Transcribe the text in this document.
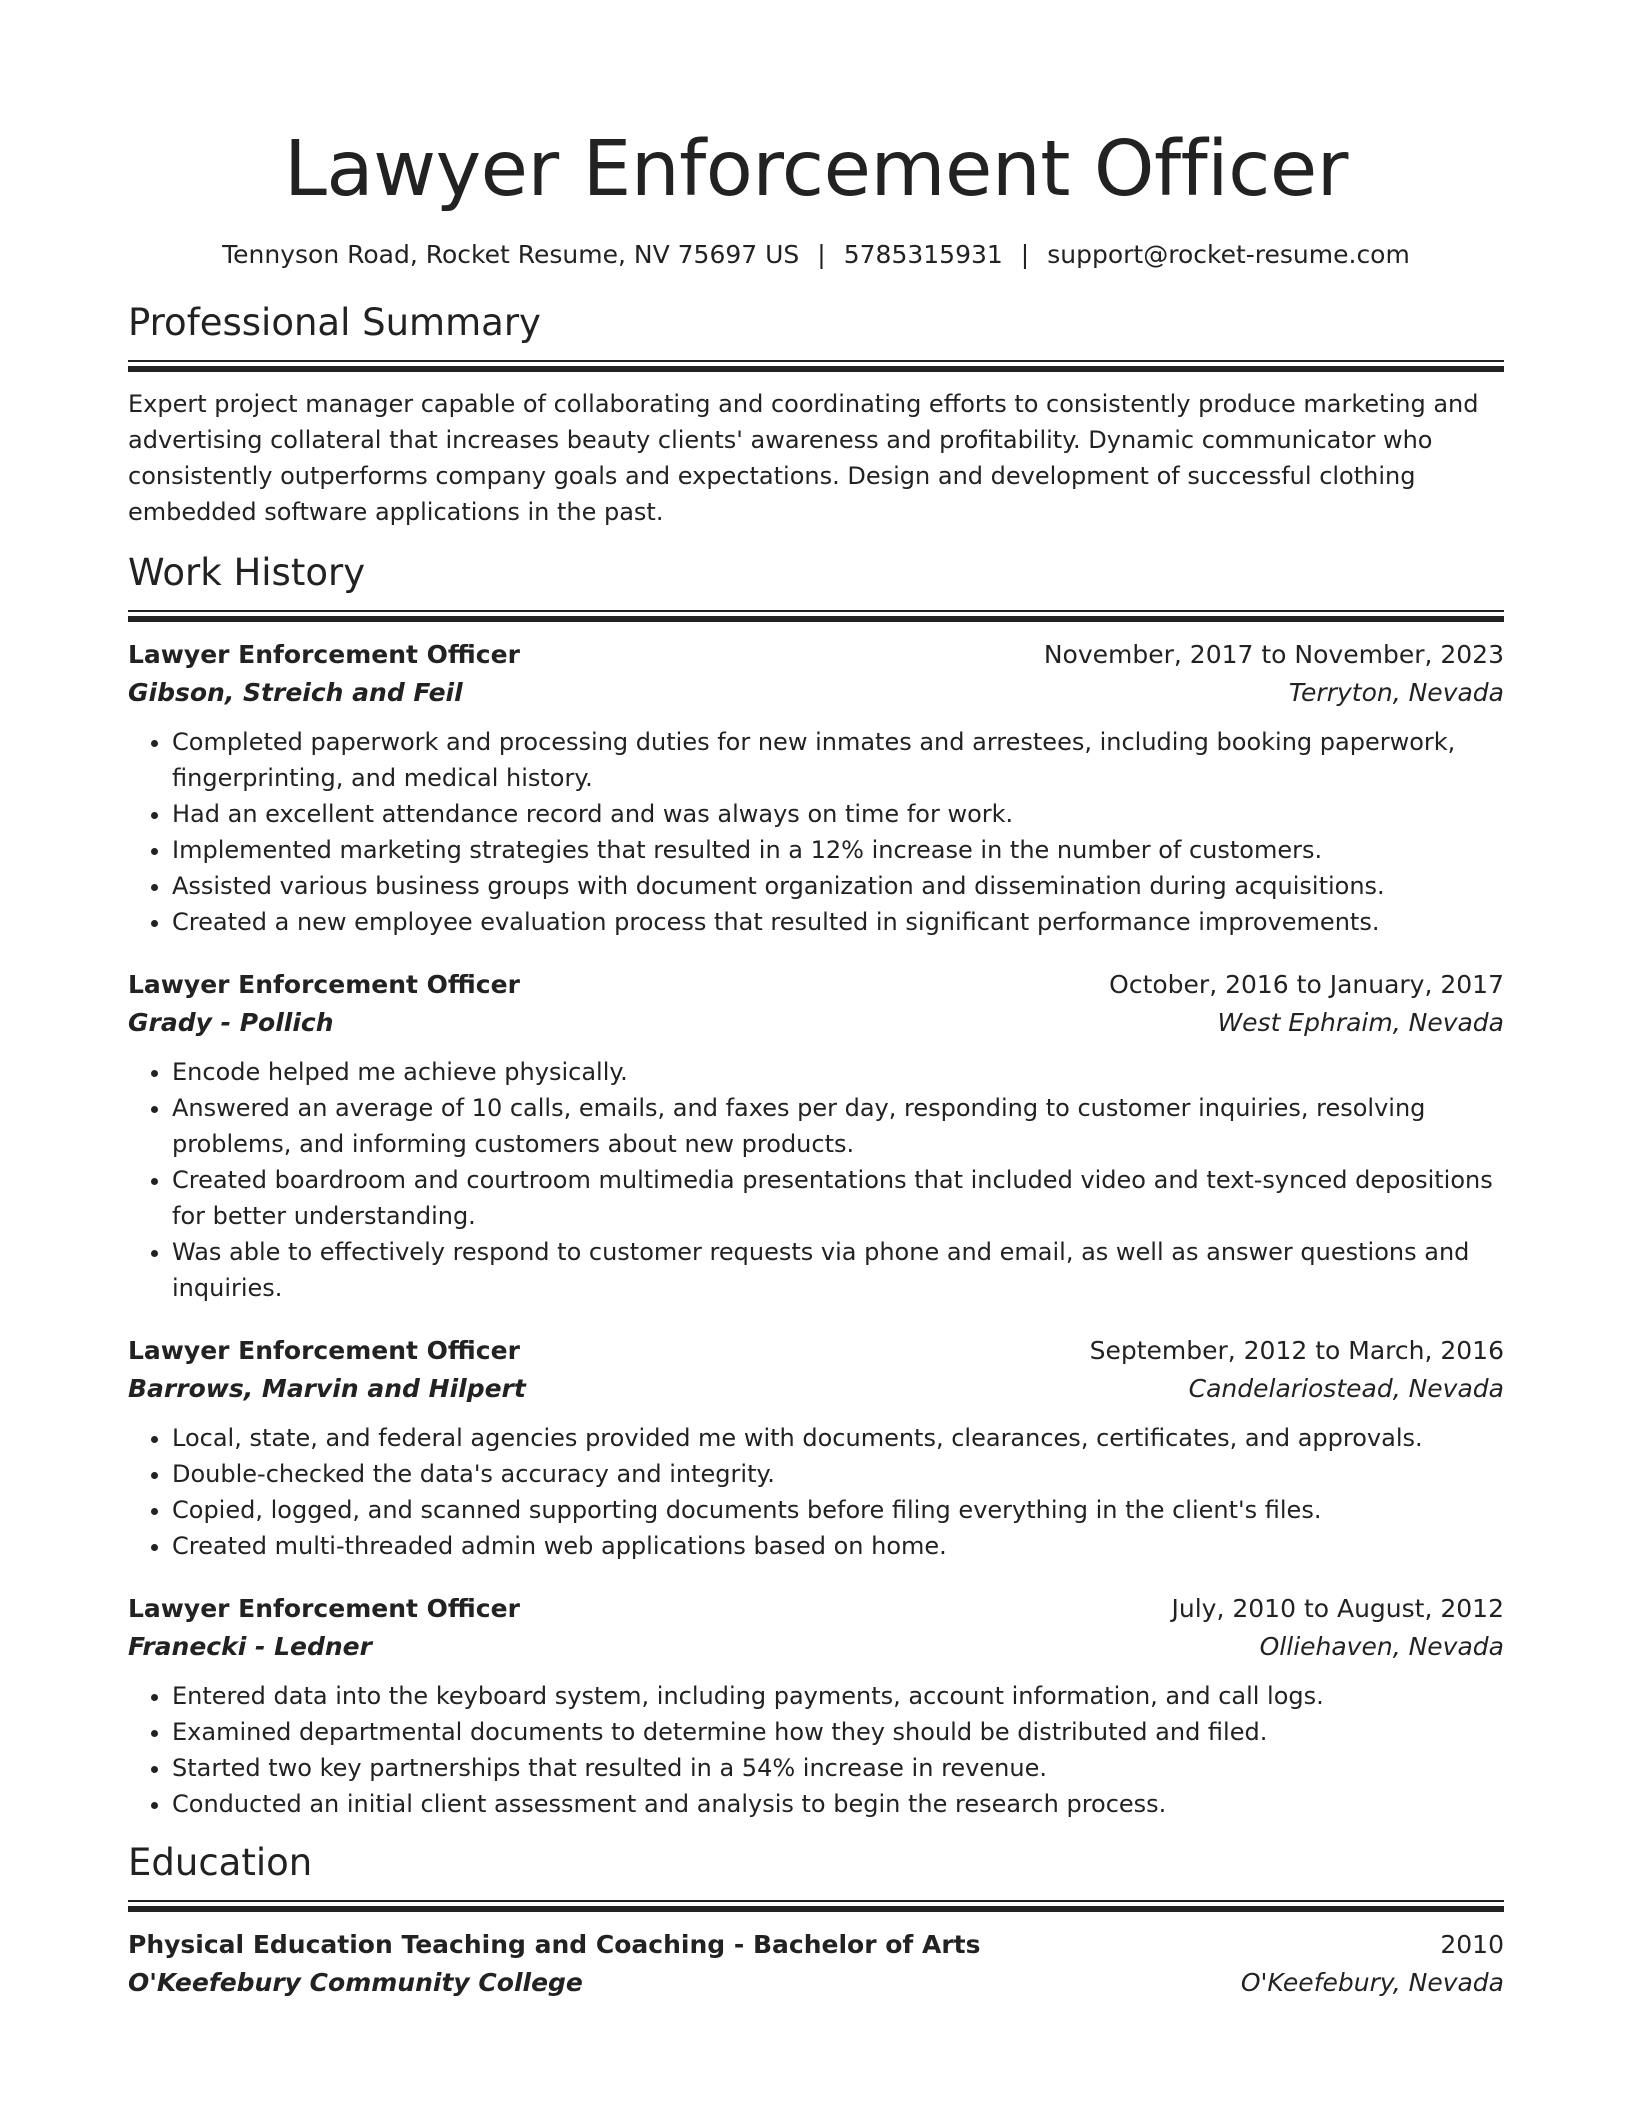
Lawyer Enforcement Officer
Tennyson Road, Rocket Resume, NV 75697 US | 5785315931 | support@rocket-resume.com
Professional Summary
Expert project manager capable of collaborating and coordinating efforts to consistently produce marketing and advertising collateral that increases beauty clients' awareness and profitability. Dynamic communicator who consistently outperforms company goals and expectations. Design and development of successful clothing embedded software applications in the past.
Work History
Lawyer Enforcement Officer	November, 2017 to November, 2023
Gibson, Streich and Feil	Terryton, Nevada
• Completed paperwork and processing duties for new inmates and arrestees, including booking paperwork, fingerprinting, and medical history.
• Had an excellent attendance record and was always on time for work.
• Implemented marketing strategies that resulted in a 12% increase in the number of customers.
• Assisted various business groups with document organization and dissemination during acquisitions.
• Created a new employee evaluation process that resulted in significant performance improvements.
Lawyer Enforcement Officer	October, 2016 to January, 2017
Grady - Pollich	West Ephraim, Nevada
• Encode helped me achieve physically.
• Answered an average of 10 calls, emails, and faxes per day, responding to customer inquiries, resolving problems, and informing customers about new products.
• Created boardroom and courtroom multimedia presentations that included video and text-synced depositions for better understanding.
• Was able to effectively respond to customer requests via phone and email, as well as answer questions and inquiries.
Lawyer Enforcement Officer	September, 2012 to March, 2016
Barrows, Marvin and Hilpert	Candelariostead, Nevada
• Local, state, and federal agencies provided me with documents, clearances, certificates, and approvals.
• Double-checked the data's accuracy and integrity.
• Copied, logged, and scanned supporting documents before filing everything in the client's files.
• Created multi-threaded admin web applications based on home.
Lawyer Enforcement Officer	July, 2010 to August, 2012
Franecki - Ledner	Olliehaven, Nevada
• Entered data into the keyboard system, including payments, account information, and call logs.
• Examined departmental documents to determine how they should be distributed and filed.
• Started two key partnerships that resulted in a 54% increase in revenue.
• Conducted an initial client assessment and analysis to begin the research process.
Education
Physical Education Teaching and Coaching - Bachelor of Arts	2010
O'Keefebury Community College	O'Keefebury, Nevada
